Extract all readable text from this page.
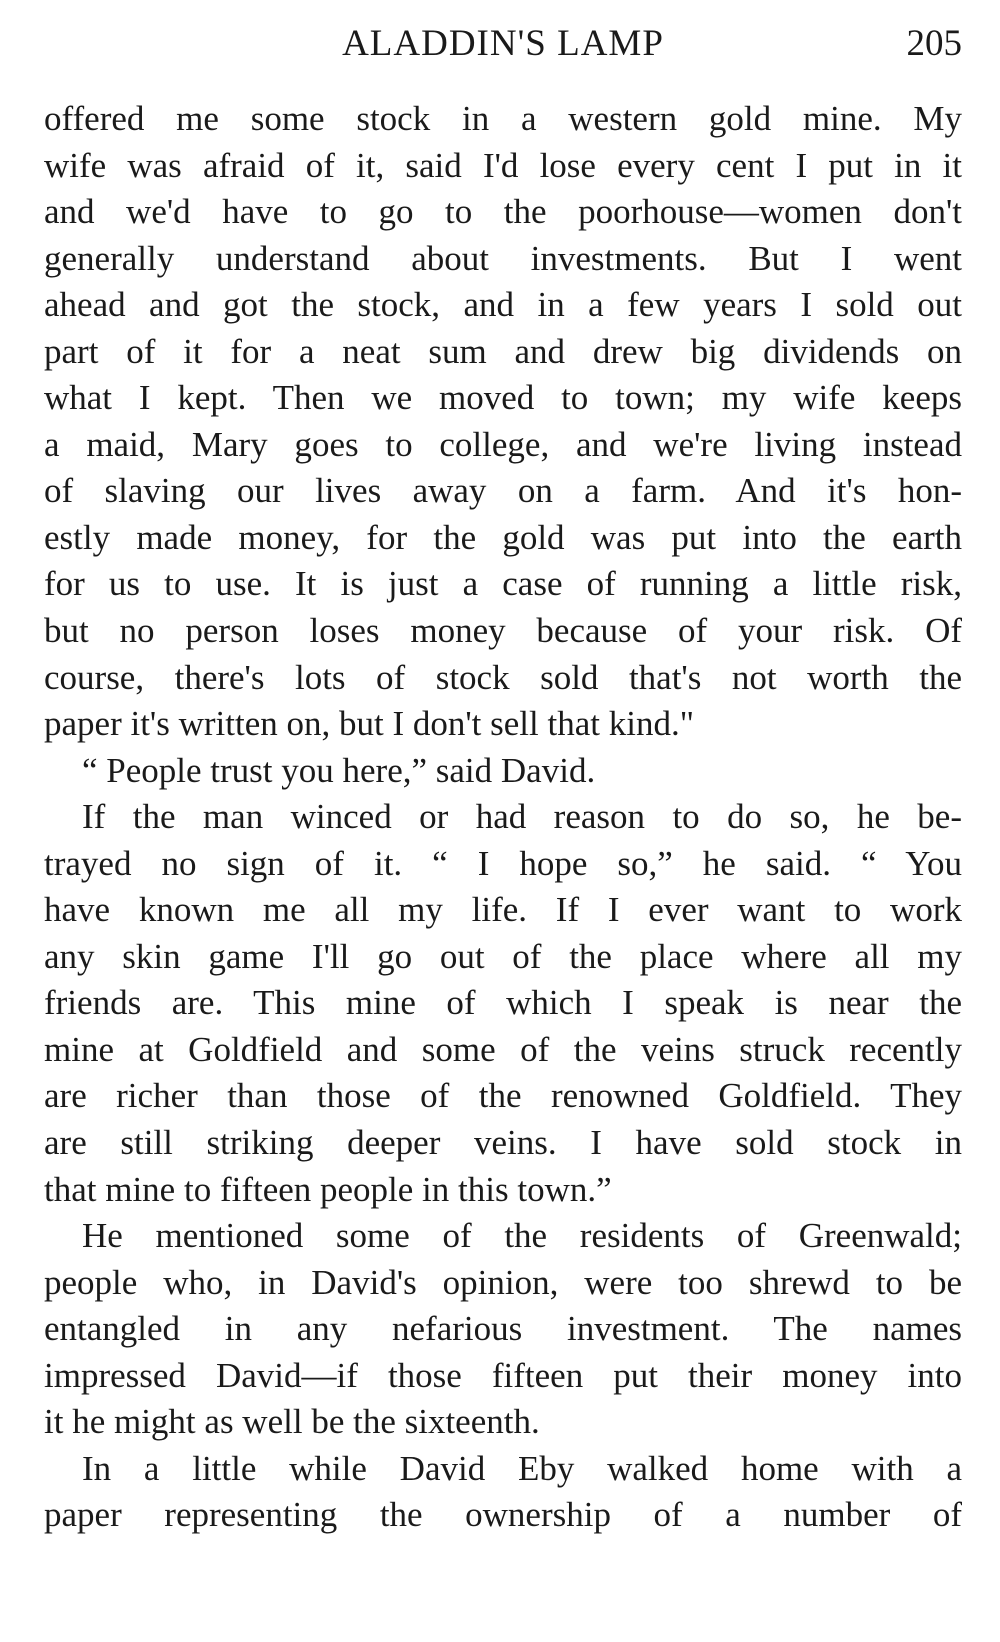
ALADDIN'S LAMP	205
offered me some stock in a western gold mine. My
wife was afraid of it, said I'd lose every cent I put in it
and we'd have to go to the poorhouse—women don't
generally understand about investments. But I went
ahead and got the stock, and in a few years I sold out
part of it for a neat sum and drew big dividends on
what I kept. Then we moved to town; my wife keeps
a maid, Mary goes to college, and we're living instead
of slaving our lives away on a farm. And it's hon-
estly made money, for the gold was put into the earth
for us to use. It is just a case of running a little risk,
but no person loses money because of your risk. Of
course, there's lots of stock sold that's not worth the
paper it's written on, but I don't sell that kind."
“ People trust you here,” said David.
If the man winced or had reason to do so, he be-
trayed no sign of it. “ I hope so,” he said. “ You
have known me all my life. If I ever want to work
any skin game I'll go out of the place where all my
friends are. This mine of which I speak is near the
mine at Goldfield and some of the veins struck recently
are richer than those of the renowned Goldfield. They
are still striking deeper veins. I have sold stock in
that mine to fifteen people in this town.”
He mentioned some of the residents of Greenwald;
people who, in David's opinion, were too shrewd to be
entangled in any nefarious investment. The names
impressed David—if those fifteen put their money into
it he might as well be the sixteenth.
In a little while David Eby walked home with a
paper representing the ownership of a number of
